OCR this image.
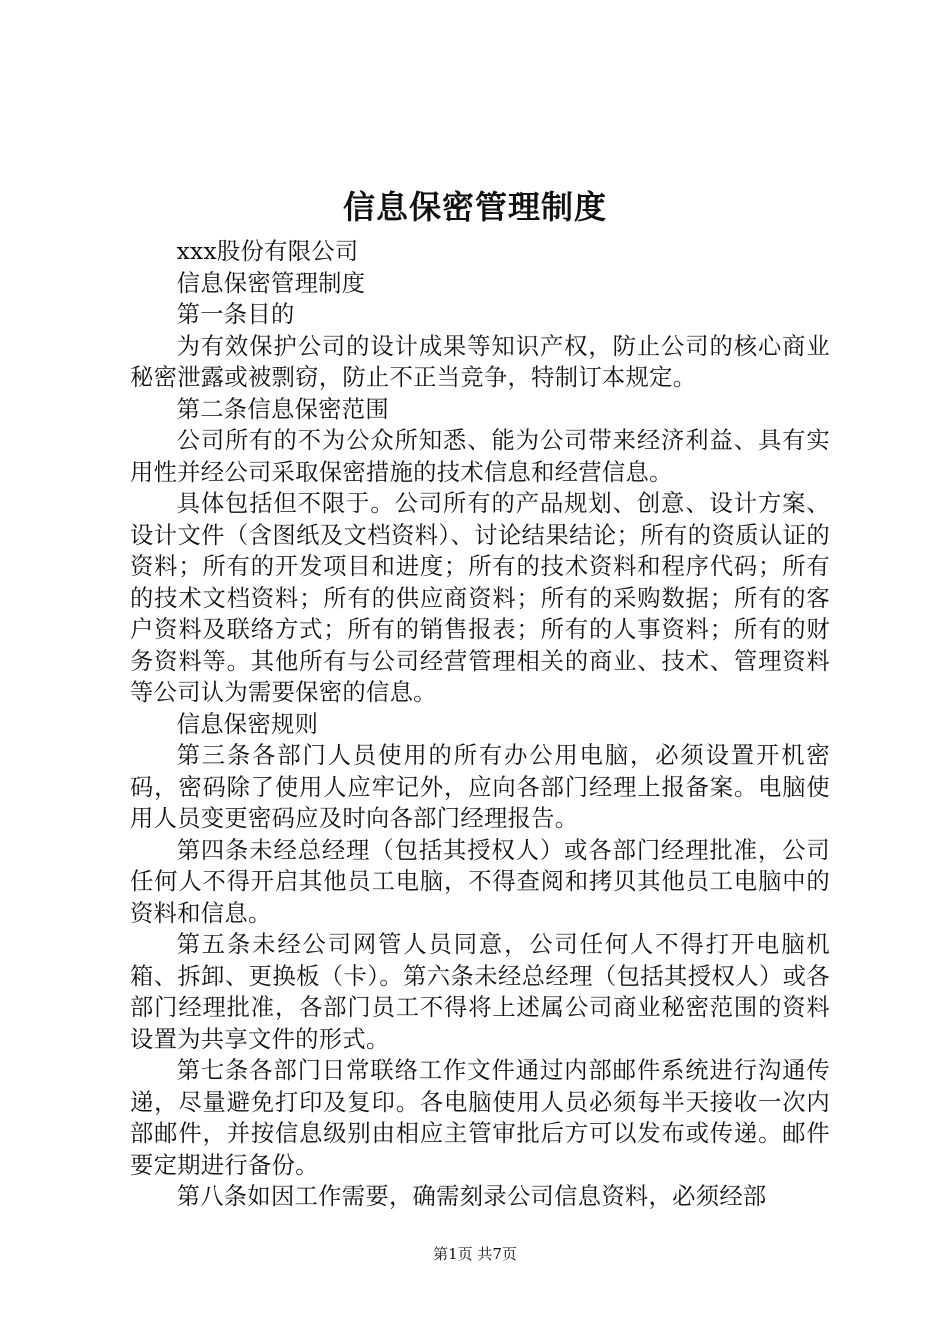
信息保密管理制度

xxx股份有限公司

信息保密管理制度

第一条目的

为有效保护公司的设计成果等知识产权，防止公司的核心商业秘密泄露或被剽窃，防止不正当竞争，特制订本规定。

第二条信息保密范围

公司所有的不为公众所知悉、能为公司带来经济利益、具有实用性并经公司采取保密措施的技术信息和经营信息。

具体包括但不限于。公司所有的产品规划、创意、设计方案、设计文件（含图纸及文档资料）、讨论结果结论；所有的资质认证的资料；所有的开发项目和进度；所有的技术资料和程序代码；所有的技术文档资料；所有的供应商资料；所有的采购数据；所有的客户资料及联络方式；所有的销售报表；所有的人事资料；所有的财务资料等。其他所有与公司经营管理相关的商业、技术、管理资料等公司认为需要保密的信息。

信息保密规则

第三条各部门人员使用的所有办公用电脑，必须设置开机密码，密码除了使用人应牢记外，应向各部门经理上报备案。电脑使用人员变更密码应及时向各部门经理报告。

第四条未经总经理（包括其授权人）或各部门经理批准，公司任何人不得开启其他员工电脑，不得查阅和拷贝其他员工电脑中的资料和信息。

第五条未经公司网管人员同意，公司任何人不得打开电脑机箱、拆卸、更换板（卡）。第六条未经总经理（包括其授权人）或各部门经理批准，各部门员工不得将上述属公司商业秘密范围的资料设置为共享文件的形式。

第七条各部门日常联络工作文件通过内部邮件系统进行沟通传递，尽量避免打印及复印。各电脑使用人员必须每半天接收一次内部邮件，并按信息级别由相应主管审批后方可以发布或传递。邮件要定期进行备份。

第八条如因工作需要，确需刻录公司信息资料，必须经部

第1页 共7页
